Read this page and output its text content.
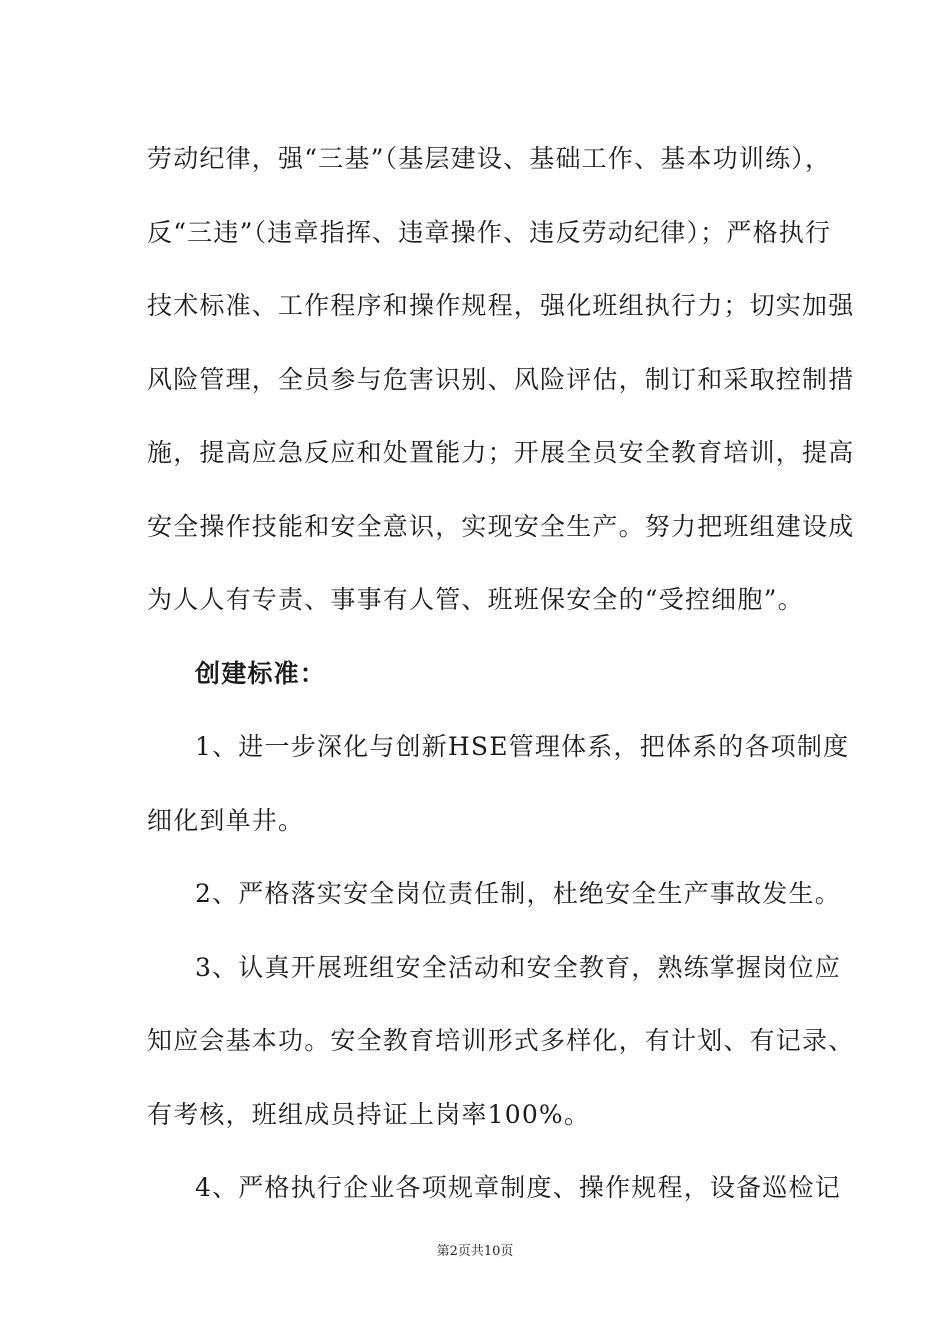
劳动纪律，强“三基”（基层建设、基础工作、基本功训练），
反“三违”（违章指挥、违章操作、违反劳动纪律）；严格执行
技术标准、工作程序和操作规程，强化班组执行力；切实加强
风险管理，全员参与危害识别、风险评估，制订和采取控制措
施，提高应急反应和处置能力；开展全员安全教育培训，提高
安全操作技能和安全意识，实现安全生产。努力把班组建设成
为人人有专责、事事有人管、班班保安全的“受控细胞”。
创建标准：
1、进一步深化与创新HSE管理体系，把体系的各项制度
细化到单井。
2、严格落实安全岗位责任制，杜绝安全生产事故发生。
3、认真开展班组安全活动和安全教育，熟练掌握岗位应
知应会基本功。安全教育培训形式多样化，有计划、有记录、
有考核，班组成员持证上岗率100%。
4、严格执行企业各项规章制度、操作规程，设备巡检记
第2页共10页
